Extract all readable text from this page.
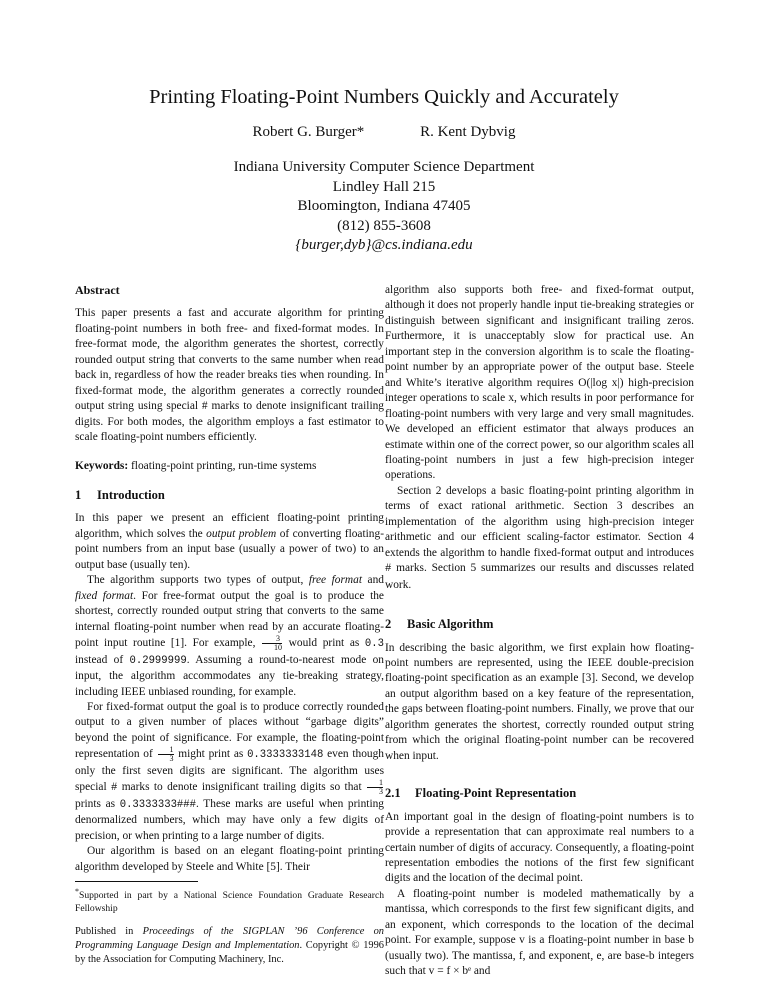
Printing Floating-Point Numbers Quickly and Accurately
Robert G. Burger*	R. Kent Dybvig
Indiana University Computer Science Department
Lindley Hall 215
Bloomington, Indiana 47405
(812) 855-3608
{burger,dyb}@cs.indiana.edu
Abstract

This paper presents a fast and accurate algorithm for printing floating-point numbers in both free- and fixed-format modes. In free-format mode, the algorithm generates the shortest, correctly rounded output string that converts to the same number when read back in, regardless of how the reader breaks ties when rounding. In fixed-format mode, the algorithm generates a correctly rounded output string using special # marks to denote insignificant trailing digits. For both modes, the algorithm employs a fast estimator to scale floating-point numbers efficiently.

Keywords: floating-point printing, run-time systems

1 Introduction

In this paper we present an efficient floating-point printing algorithm, which solves the output problem of converting floating-point numbers from an input base (usually a power of two) to an output base (usually ten).

The algorithm supports two types of output, free format and fixed format. For free-format output the goal is to produce the shortest, correctly rounded output string that converts to the same internal floating-point number when read by an accurate floating-point input routine [1]. For example, $\frac{3}{10}$ would print as 0.3 instead of 0.2999999. Assuming a round-to-nearest mode on input, the algorithm accommodates any tie-breaking strategy, including IEEE unbiased rounding, for example.

For fixed-format output the goal is to produce correctly rounded output to a given number of places without “garbage digits” beyond the point of significance. For example, the floating-point representation of $\frac{1}{3}$ might print as 0.3333333148 even though only the first seven digits are significant. The algorithm uses special # marks to denote insignificant trailing digits so that $\frac{1}{3}$
prints as 0.3333333###. These marks are useful when printing denormalized numbers, which may have only a few digits of precision, or when printing to a large number of digits.

Our algorithm is based on an elegant floating-point printing algorithm developed by Steele and White [5]. Their

*Supported in part by a National Science Foundation Graduate Research Fellowship

Published in Proceedings of the SIGPLAN ’96 Conference on Programming Language Design and Implementation. Copyright © 1996 by the Association for Computing Machinery, Inc.

algorithm also supports both free- and fixed-format output, although it does not properly handle input tie-breaking strategies or distinguish between significant and insignificant trailing zeros. Furthermore, it is unacceptably slow for practical use. An important step in the conversion algorithm is to scale the floating-point number by an appropriate power of the output base. Steele and White’s iterative algorithm requires O(|log x|) high-precision integer operations to scale x, which results in poor performance for floating-point numbers with very large and very small magnitudes. We developed an efficient estimator that always produces an estimate within one of the correct power, so our algorithm scales all floating-point numbers in just a few high-precision integer operations.

Section 2 develops a basic floating-point printing algorithm in terms of exact rational arithmetic. Section 3 describes an implementation of the algorithm using high-precision integer arithmetic and our efficient scaling-factor estimator. Section 4 extends the algorithm to handle fixed-format output and introduces # marks. Section 5 summarizes our results and discusses related work.

2 Basic Algorithm

In describing the basic algorithm, we first explain how floating-point numbers are represented, using the IEEE double-precision floating-point specification as an example [3]. Second, we develop an output algorithm based on a key feature of the representation, the gaps between floating-point numbers. Finally, we prove that our algorithm generates the shortest, correctly rounded output string from which the original floating-point number can be recovered when input.

2.1 Floating-Point Representation

An important goal in the design of floating-point numbers is to provide a representation that can approximate real numbers to a certain number of digits of accuracy. Consequently, a floating-point representation embodies the notions of the first few significant digits and the location of the decimal point.

A floating-point number is modeled mathematically by a mantissa, which corresponds to the first few significant digits, and an exponent, which corresponds to the location of the decimal point. For example, suppose v is a floating-point number in base b (usually two). The mantissa, f, and exponent, e, are base-b integers such that v = f × bᵉ and
